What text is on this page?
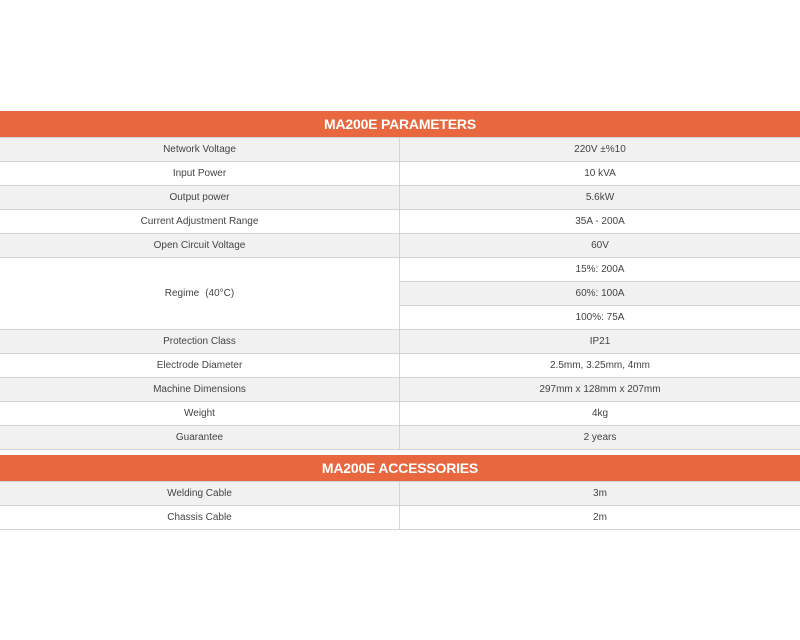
MA200E PARAMETERS
Network Voltage	220V ±%10
Input Power	10 kVA
Output power	5.6kW
Current Adjustment Range	35A - 200A
Open Circuit Voltage	60V
Regime (40°C)	15%: 200A
	60%: 100A
	100%: 75A
Protection Class	IP21
Electrode Diameter	2.5mm, 3.25mm, 4mm
Machine Dimensions	297mm x 128mm x 207mm
Weight	4kg
Guarantee	2 years
MA200E ACCESSORIES
Welding Cable	3m
Chassis Cable	2m
